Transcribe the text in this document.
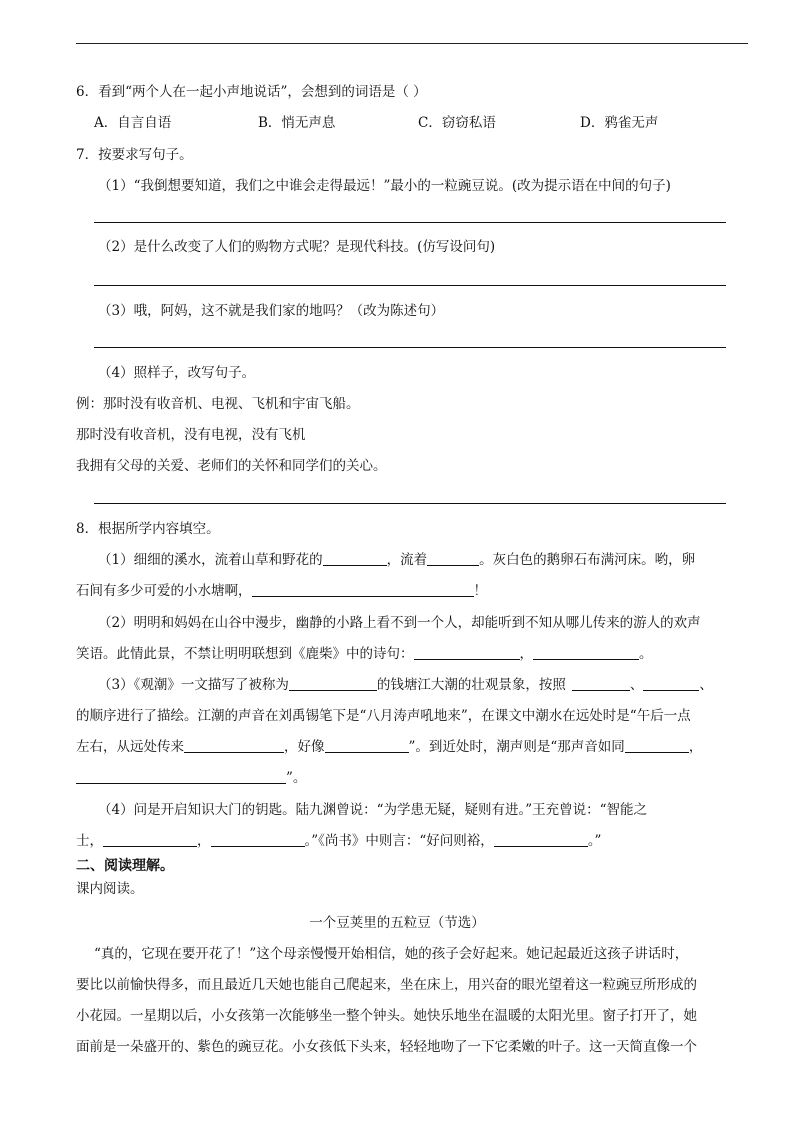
6．看到“两个人在一起小声地说话”，会想到的词语是（ ）
A．自言自语	B．悄无声息	C．窃窃私语	D．鸦雀无声
7．按要求写句子。
（1）“我倒想要知道，我们之中谁会走得最远！”最小的一粒豌豆说。(改为提示语在中间的句子)
（2）是什么改变了人们的购物方式呢？是现代科技。(仿写设问句)
（3）哦，阿妈，这不就是我们家的地吗？（改为陈述句）
（4）照样子，改写句子。
例：那时没有收音机、电视、飞机和宇宙飞船。
那时没有收音机，没有电视，没有飞机
我拥有父母的关爱、老师们的关怀和同学们的关心。
8．根据所学内容填空。
（1）细细的溪水，流着山草和野花的	，流着	。灰白色的鹅卵石布满河床。哟，卵
石间有多少可爱的小水塘啊，	！
（2）明明和妈妈在山谷中漫步，幽静的小路上看不到一个人，却能听到不知从哪儿传来的游人的欢声
笑语。此情此景，不禁让明明联想到《鹿柴》中的诗句：	，	。
（3）《观潮》一文描写了被称为	的钱塘江大潮的壮观景象，按照	、	、
的顺序进行了描绘。江潮的声音在刘禹锡笔下是“八月涛声吼地来”，在课文中潮水在远处时是“午后一点
左右，从远处传来	，好像	”。到近处时，潮声则是“那声音如同	，
”。
（4）问是开启知识大门的钥匙。陆九渊曾说：“为学患无疑，疑则有进。”王充曾说：“智能之
士，	，	。”《尚书》中则言：“好问则裕，	。”
二、阅读理解。
课内阅读。
一个豆荚里的五粒豆（节选）
“真的，它现在要开花了！”这个母亲慢慢开始相信，她的孩子会好起来。她记起最近这孩子讲话时，
要比以前愉快得多，而且最近几天她也能自己爬起来，坐在床上，用兴奋的眼光望着这一粒豌豆所形成的
小花园。一星期以后，小女孩第一次能够坐一整个钟头。她快乐地坐在温暖的太阳光里。窗子打开了，她
面前是一朵盛开的、紫色的豌豆花。小女孩低下头来，轻轻地吻了一下它柔嫩的叶子。这一天简直像一个
